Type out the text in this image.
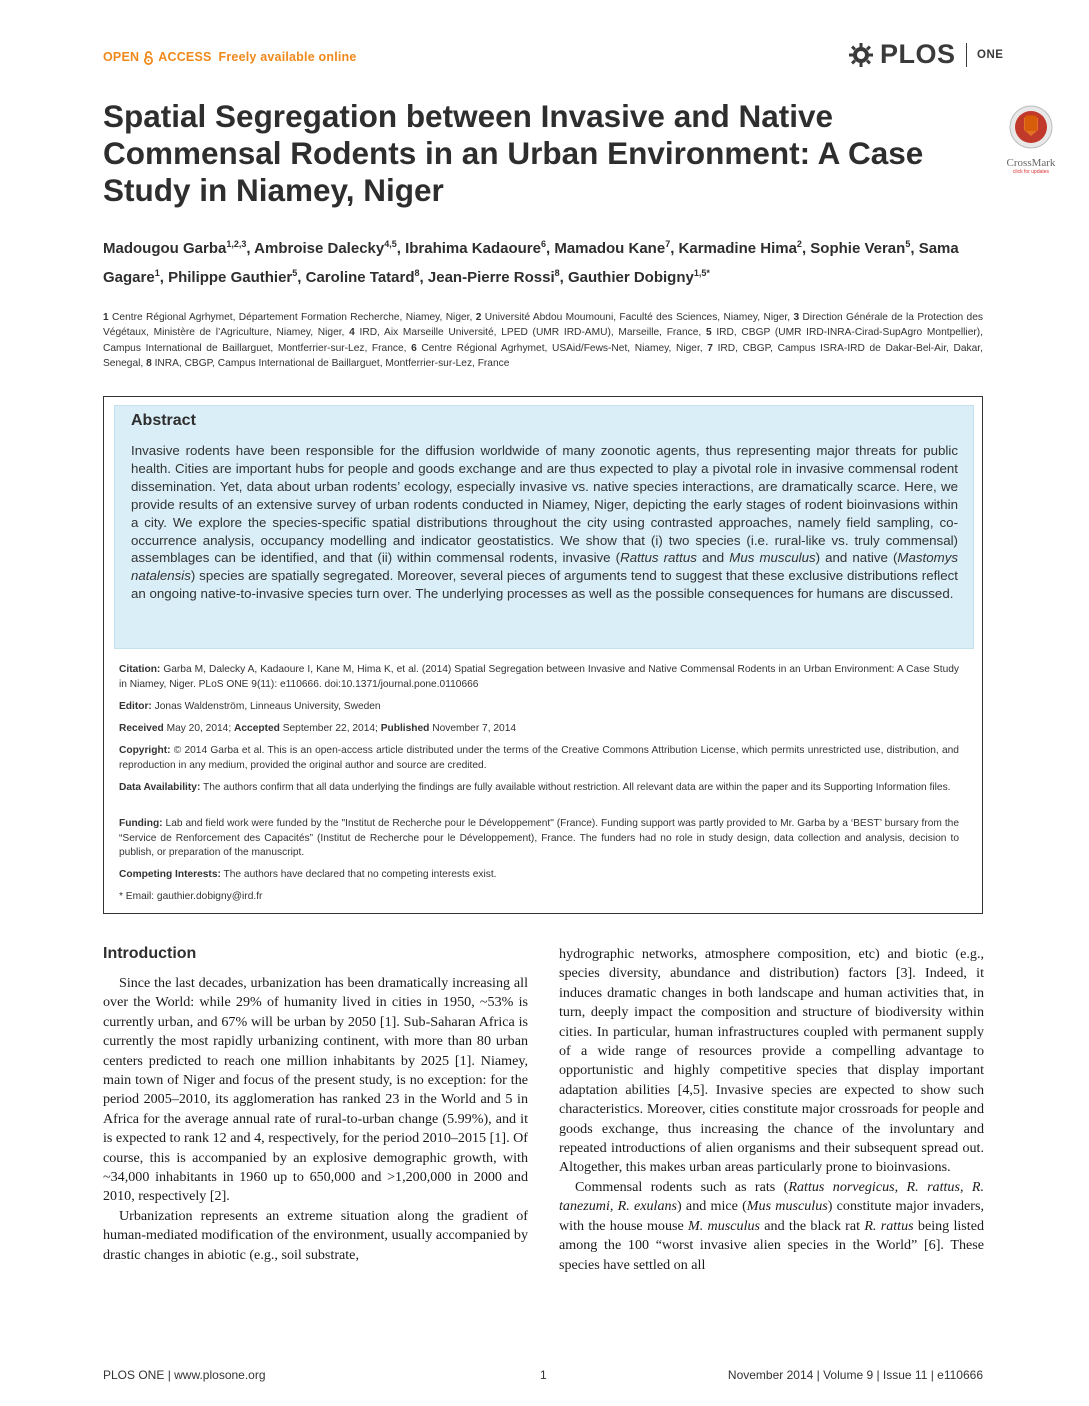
OPEN ACCESS Freely available online	PLOS ONE
Spatial Segregation between Invasive and Native Commensal Rodents in an Urban Environment: A Case Study in Niamey, Niger
CrossMark
click for updates
Madougou Garba$^{1,2,3}$, Ambroise Dalecky$^{4,5}$, Ibrahima Kadaoure$^6$, Mamadou Kane$^7$, Karmadine Hima$^2$, Sophie Veran$^5$, Sama Gagare$^1$, Philippe Gauthier$^5$, Caroline Tatard$^8$, Jean-Pierre Rossi$^8$, Gauthier Dobigny$^{1,5*}$
1 Centre Régional Agrhymet, Département Formation Recherche, Niamey, Niger, 2 Université Abdou Moumouni, Faculté des Sciences, Niamey, Niger, 3 Direction Générale de la Protection des Végétaux, Ministère de l’Agriculture, Niamey, Niger, 4 IRD, Aix Marseille Université, LPED (UMR IRD-AMU), Marseille, France, 5 IRD, CBGP (UMR IRD-INRA-Cirad-SupAgro Montpellier), Campus International de Baillarguet, Montferrier-sur-Lez, France, 6 Centre Régional Agrhymet, USAid/Fews-Net, Niamey, Niger, 7 IRD, CBGP, Campus ISRA-IRD de Dakar-Bel-Air, Dakar, Senegal, 8 INRA, CBGP, Campus International de Baillarguet, Montferrier-sur-Lez, France
Abstract
Invasive rodents have been responsible for the diffusion worldwide of many zoonotic agents, thus representing major threats for public health. Cities are important hubs for people and goods exchange and are thus expected to play a pivotal role in invasive commensal rodent dissemination. Yet, data about urban rodents’ ecology, especially invasive vs. native species interactions, are dramatically scarce. Here, we provide results of an extensive survey of urban rodents conducted in Niamey, Niger, depicting the early stages of rodent bioinvasions within a city. We explore the species-specific spatial distributions throughout the city using contrasted approaches, namely field sampling, co-occurrence analysis, occupancy modelling and indicator geostatistics. We show that (i) two species (i.e. rural-like vs. truly commensal) assemblages can be identified, and that (ii) within commensal rodents, invasive (Rattus rattus and Mus musculus) and native (Mastomys natalensis) species are spatially segregated. Moreover, several pieces of arguments tend to suggest that these exclusive distributions reflect an ongoing native-to-invasive species turn over. The underlying processes as well as the possible consequences for humans are discussed.
Citation: Garba M, Dalecky A, Kadaoure I, Kane M, Hima K, et al. (2014) Spatial Segregation between Invasive and Native Commensal Rodents in an Urban Environment: A Case Study in Niamey, Niger. PLoS ONE 9(11): e110666. doi:10.1371/journal.pone.0110666
Editor: Jonas Waldenström, Linneaus University, Sweden
Received May 20, 2014; Accepted September 22, 2014; Published November 7, 2014
Copyright: © 2014 Garba et al. This is an open-access article distributed under the terms of the Creative Commons Attribution License, which permits unrestricted use, distribution, and reproduction in any medium, provided the original author and source are credited.
Data Availability: The authors confirm that all data underlying the findings are fully available without restriction. All relevant data are within the paper and its Supporting Information files.
Funding: Lab and field work were funded by the "Institut de Recherche pour le Développement" (France). Funding support was partly provided to Mr. Garba by a ‘BEST’ bursary from the “Service de Renforcement des Capacités” (Institut de Recherche pour le Développement), France. The funders had no role in study design, data collection and analysis, decision to publish, or preparation of the manuscript.
Competing Interests: The authors have declared that no competing interests exist.
* Email: gauthier.dobigny@ird.fr
Introduction

Since the last decades, urbanization has been dramatically increasing all over the World: while 29% of humanity lived in cities in 1950, ~53% is currently urban, and 67% will be urban by 2050 [1]. Sub-Saharan Africa is currently the most rapidly urbanizing continent, with more than 80 urban centers predicted to reach one million inhabitants by 2025 [1]. Niamey, main town of Niger and focus of the present study, is no exception: for the period 2005–2010, its agglomeration has ranked 23 in the World and 5 in Africa for the average annual rate of rural-to-urban change (5.99%), and it is expected to rank 12 and 4, respectively, for the period 2010–2015 [1]. Of course, this is accompanied by an explosive demographic growth, with ~34,000 inhabitants in 1960 up to 650,000 and >1,200,000 in 2000 and 2010, respectively [2].

Urbanization represents an extreme situation along the gradient of human-mediated modification of the environment, usually accompanied by drastic changes in abiotic (e.g., soil substrate,

hydrographic networks, atmosphere composition, etc) and biotic (e.g., species diversity, abundance and distribution) factors [3]. Indeed, it induces dramatic changes in both landscape and human activities that, in turn, deeply impact the composition and structure of biodiversity within cities. In particular, human infrastructures coupled with permanent supply of a wide range of resources provide a compelling advantage to opportunistic and highly competitive species that display important adaptation abilities [4,5]. Invasive species are expected to show such characteristics. Moreover, cities constitute major crossroads for people and goods exchange, thus increasing the chance of the involuntary and repeated introductions of alien organisms and their subsequent spread out. Altogether, this makes urban areas particularly prone to bioinvasions.

Commensal rodents such as rats (Rattus norvegicus, R. rattus, R. tanezumi, R. exulans) and mice (Mus musculus) constitute major invaders, with the house mouse M. musculus and the black rat R. rattus being listed among the 100 “worst invasive alien species in the World” [6]. These species have settled on all

PLOS ONE | www.plosone.org	1	November 2014 | Volume 9 | Issue 11 | e110666
